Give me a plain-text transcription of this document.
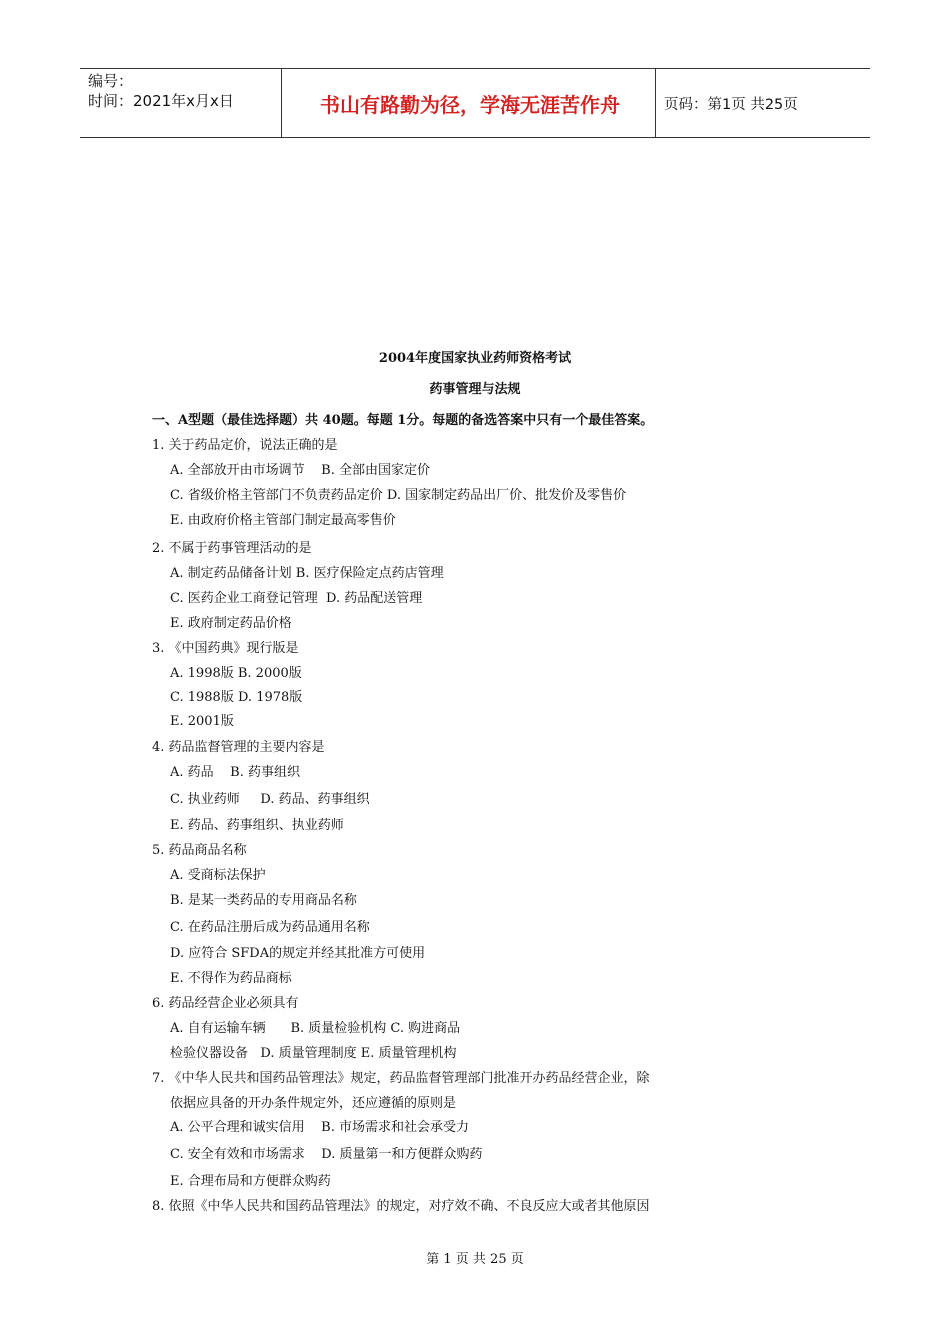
编号：
时间：2021年x月x日	书山有路勤为径，学海无涯苦作舟	页码：第1页 共25页
2004年度国家执业药师资格考试
药事管理与法规
一、A型题（最佳选择题）共 40题。每题 1分。每题的备选答案中只有一个最佳答案。
1. 关于药品定价，说法正确的是
A. 全部放开由市场调节    B. 全部由国家定价
C. 省级价格主管部门不负责药品定价 D. 国家制定药品出厂价、批发价及零售价
E. 由政府价格主管部门制定最高零售价
2. 不属于药事管理活动的是
A. 制定药品储备计划 B. 医疗保险定点药店管理
C. 医药企业工商登记管理  D. 药品配送管理
E. 政府制定药品价格
3. 《中国药典》现行版是
A. 1998版 B. 2000版
C. 1988版 D. 1978版
E. 2001版
4. 药品监督管理的主要内容是
A. 药品    B. 药事组织
C. 执业药师     D. 药品、药事组织
E. 药品、药事组织、执业药师
5. 药品商品名称
A. 受商标法保护
B. 是某一类药品的专用商品名称
C. 在药品注册后成为药品通用名称
D. 应符合 SFDA的规定并经其批准方可使用
E. 不得作为药品商标
6. 药品经营企业必须具有
A. 自有运输车辆      B. 质量检验机构 C. 购进商品
检验仪器设备   D. 质量管理制度 E. 质量管理机构
7. 《中华人民共和国药品管理法》规定，药品监督管理部门批准开办药品经营企业，除
依据应具备的开办条件规定外，还应遵循的原则是
A. 公平合理和诚实信用    B. 市场需求和社会承受力
C. 安全有效和市场需求    D. 质量第一和方便群众购药
E. 合理布局和方便群众购药
8. 依照《中华人民共和国药品管理法》的规定，对疗效不确、不良反应大或者其他原因
第 1 页 共 25 页
